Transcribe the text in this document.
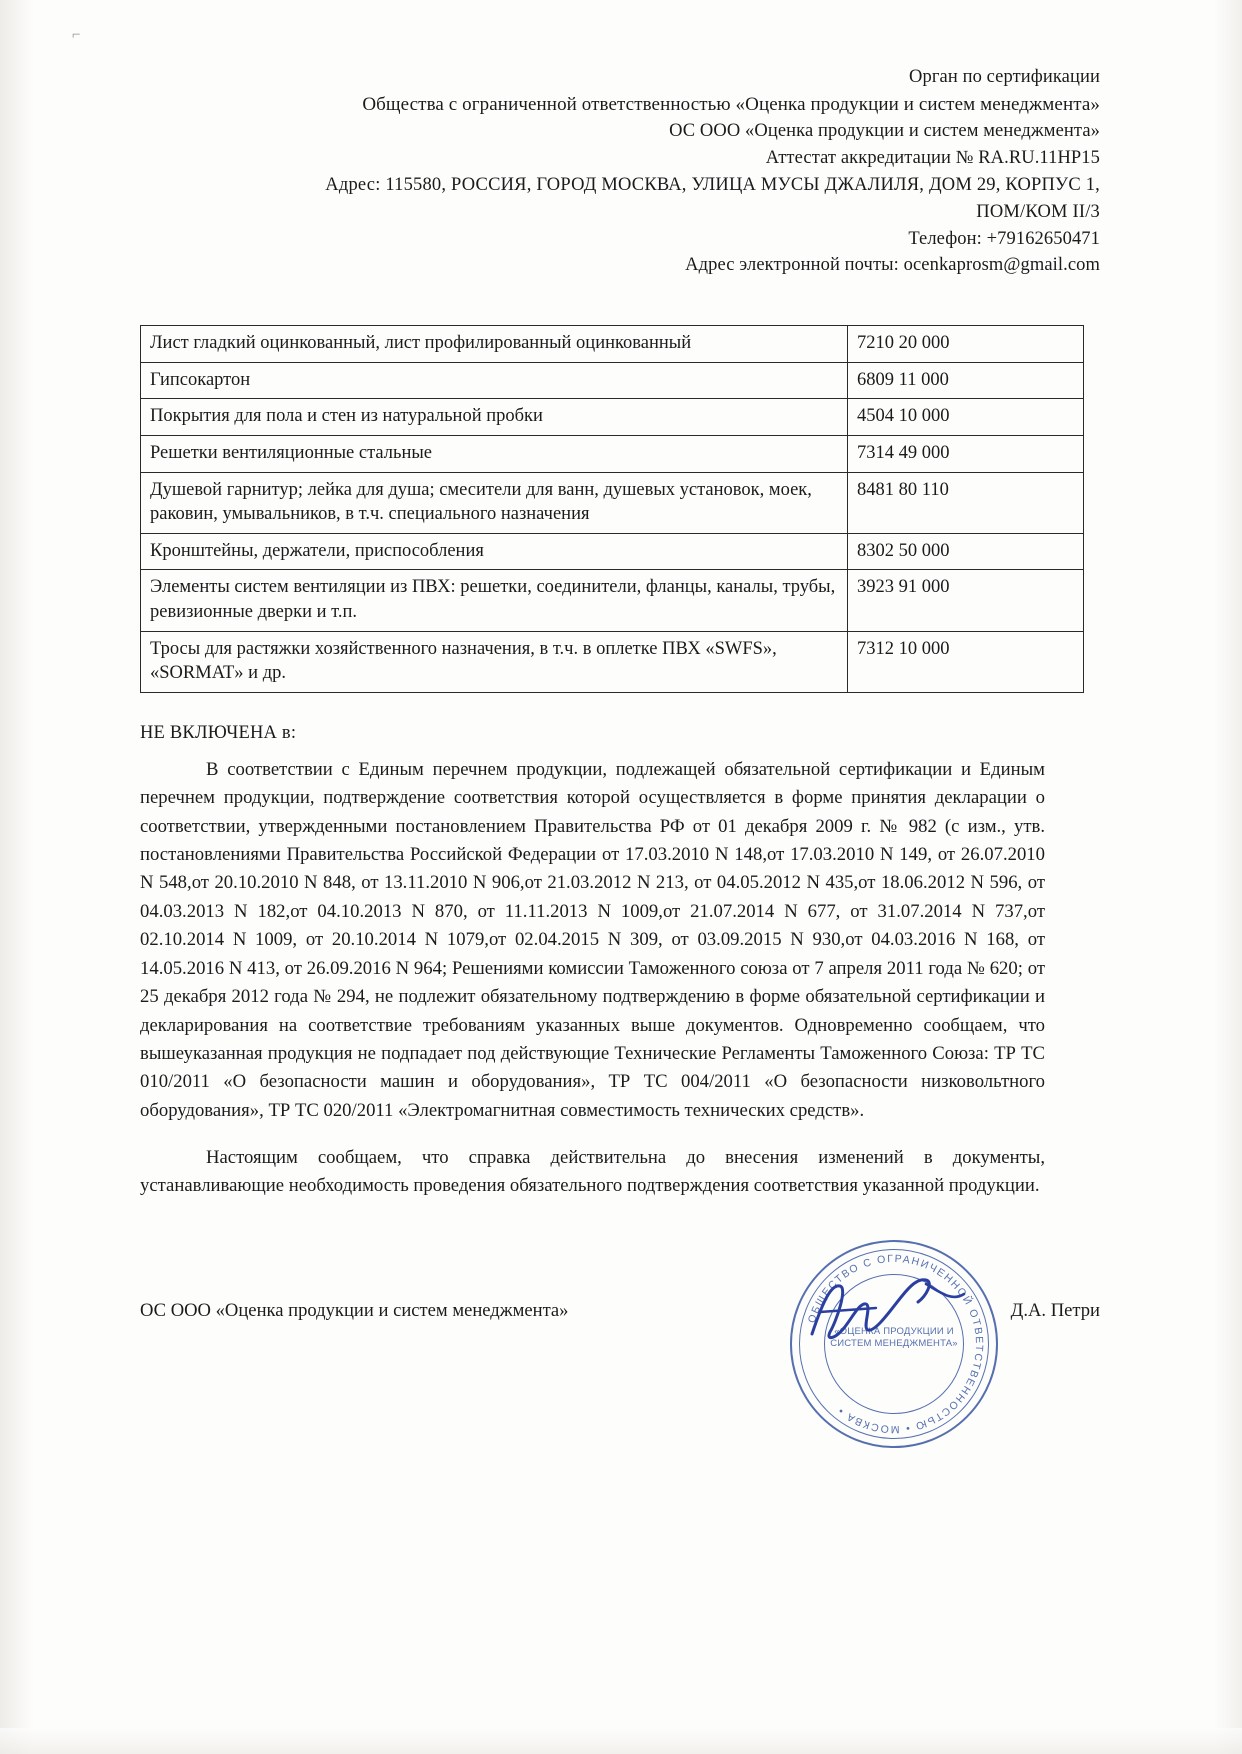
⌐
Орган по сертификации
Общества с ограниченной ответственностью «Оценка продукции и систем менеджмента»
ОС ООО «Оценка продукции и систем менеджмента»
Аттестат аккредитации № RA.RU.11НР15
Адрес: 115580, РОССИЯ, ГОРОД МОСКВА, УЛИЦА МУСЫ ДЖАЛИЛЯ, ДОМ 29, КОРПУС 1,
ПОМ/КОМ II/3
Телефон: +79162650471
Адрес электронной почты: ocenkaprosm@gmail.com
Лист гладкий оцинкованный, лист профилированный оцинкованный	7210 20 000
Гипсокартон	6809 11 000
Покрытия для пола и стен из натуральной пробки	4504 10 000
Решетки вентиляционные стальные	7314 49 000
Душевой гарнитур; лейка для душа; смесители для ванн, душевых установок, моек, раковин, умывальников, в т.ч. специального назначения	8481 80 110
Кронштейны, держатели, приспособления	8302 50 000
Элементы систем вентиляции из ПВХ: решетки, соединители, фланцы, каналы, трубы, ревизионные дверки и т.п.	3923 91 000
Тросы для растяжки хозяйственного назначения, в т.ч. в оплетке ПВХ «SWFS», «SORMAT» и др.	7312 10 000
НЕ ВКЛЮЧЕНА в:

В соответствии с Единым перечнем продукции, подлежащей обязательной сертификации и Единым перечнем продукции, подтверждение соответствия которой осуществляется в форме принятия декларации о соответствии, утвержденными постановлением Правительства РФ от 01 декабря 2009 г. № 982 (с изм., утв. постановлениями Правительства Российской Федерации от 17.03.2010 N 148,от 17.03.2010 N 149, от 26.07.2010 N 548,от 20.10.2010 N 848, от 13.11.2010 N 906,от 21.03.2012 N 213, от 04.05.2012 N 435,от 18.06.2012 N 596, от 04.03.2013 N 182,от 04.10.2013 N 870, от 11.11.2013 N 1009,от 21.07.2014 N 677, от 31.07.2014 N 737,от 02.10.2014 N 1009, от 20.10.2014 N 1079,от 02.04.2015 N 309, от 03.09.2015 N 930,от 04.03.2016 N 168, от 14.05.2016 N 413, от 26.09.2016 N 964; Решениями комиссии Таможенного союза от 7 апреля 2011 года № 620; от 25 декабря 2012 года № 294, не подлежит обязательному подтверждению в форме обязательной сертификации и декларирования на соответствие требованиям указанных выше документов. Одновременно сообщаем, что вышеуказанная продукция не подпадает под действующие Технические Регламенты Таможенного Союза: ТР ТС 010/2011 «О безопасности машин и оборудования», ТР ТС 004/2011 «О безопасности низковольтного оборудования», ТР ТС 020/2011 «Электромагнитная совместимость технических средств».

Настоящим сообщаем, что справка действительна до внесения изменений в документы, устанавливающие необходимость проведения обязательного подтверждения соответствия указанной продукции.

ОС ООО «Оценка продукции и систем менеджмента»	Д.А. Петри
ОБЩЕСТВО С ОГРАНИЧЕННОЙ ОТВЕТСТВЕННОСТЬЮ • МОСКВА •
«ОЦЕНКА ПРОДУКЦИИ И СИСТЕМ МЕНЕДЖМЕНТА»
